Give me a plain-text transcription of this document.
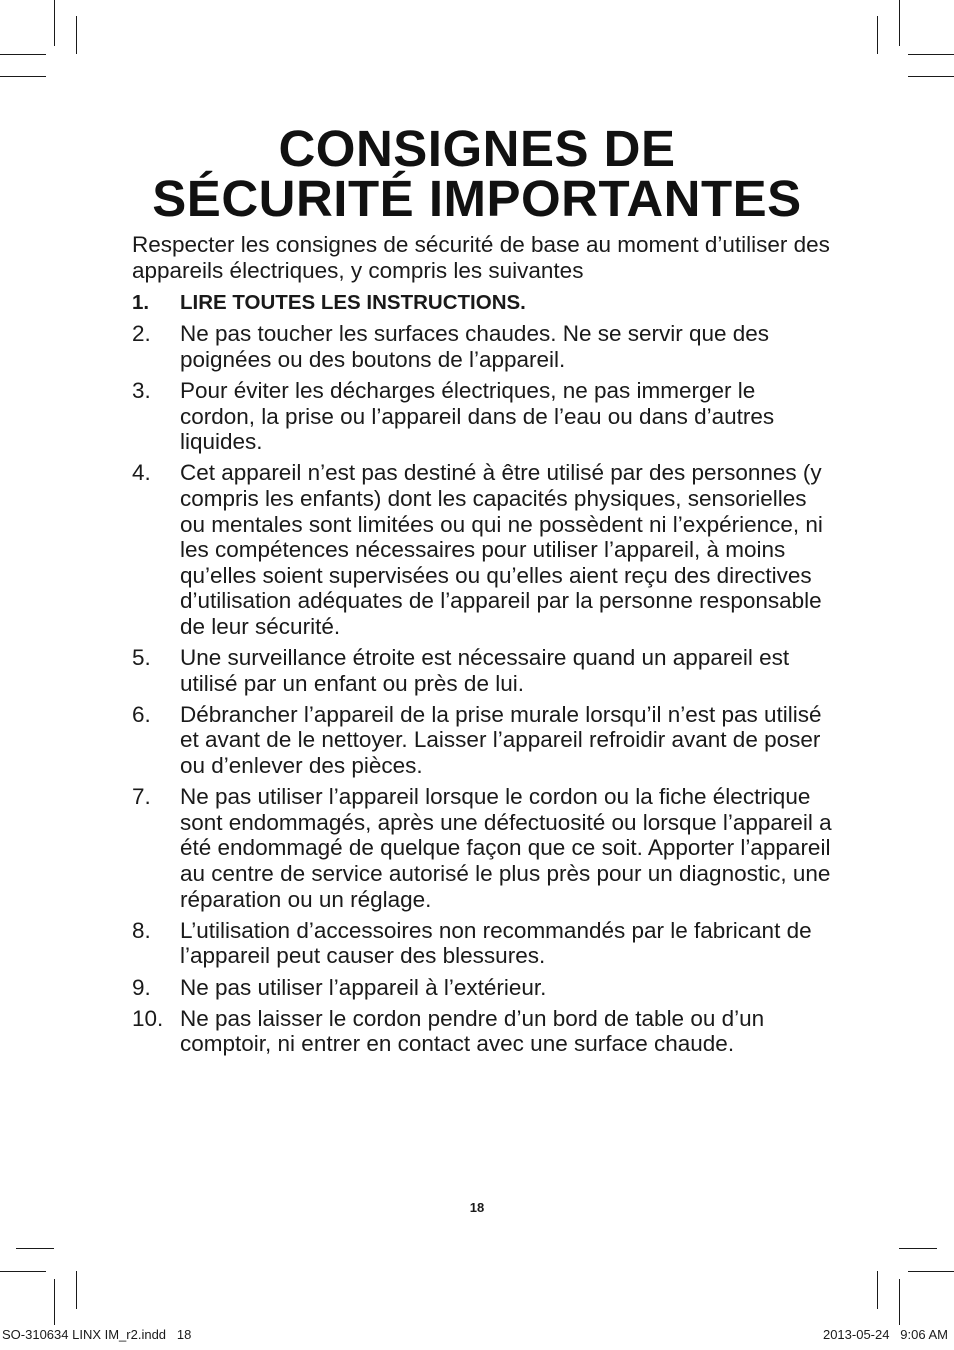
CONSIGNES DE
SÉCURITÉ IMPORTANTES

Respecter les consignes de sécurité de base au moment d’utiliser des appareils électriques, y compris les suivantes

1. LIRE TOUTES LES INSTRUCTIONS.
2. Ne pas toucher les surfaces chaudes. Ne se servir que des poignées ou des boutons de l’appareil.
3. Pour éviter les décharges électriques, ne pas immerger le cordon, la prise ou l’appareil dans de l’eau ou dans d’autres liquides.
4. Cet appareil n’est pas destiné à être utilisé par des personnes (y compris les enfants) dont les capacités physiques, sensorielles ou mentales sont limitées ou qui ne possèdent ni l’expérience, ni les compétences nécessaires pour utiliser l’appareil, à moins qu’elles soient supervisées ou qu’elles aient reçu des directives d’utilisation adéquates de l’appareil par la personne responsable de leur sécurité.
5. Une surveillance étroite est nécessaire quand un appareil est utilisé par un enfant ou près de lui.
6. Débrancher l’appareil de la prise murale lorsqu’il n’est pas utilisé et avant de le nettoyer. Laisser l’appareil refroidir avant de poser ou d’enlever des pièces.
7. Ne pas utiliser l’appareil lorsque le cordon ou la fiche électrique sont endommagés, après une défectuosité ou lorsque l’appareil a été endommagé de quelque façon que ce soit. Apporter l’appareil au centre de service autorisé le plus près pour un diagnostic, une réparation ou un réglage.
8. L’utilisation d’accessoires non recommandés par le fabricant de l’appareil peut causer des blessures.
9. Ne pas utiliser l’appareil à l’extérieur.
10. Ne pas laisser le cordon pendre d’un bord de table ou d’un comptoir, ni entrer en contact avec une surface chaude.
18
SO-310634 LINX IM_r2.indd   18	2013-05-24   9:06 AM
